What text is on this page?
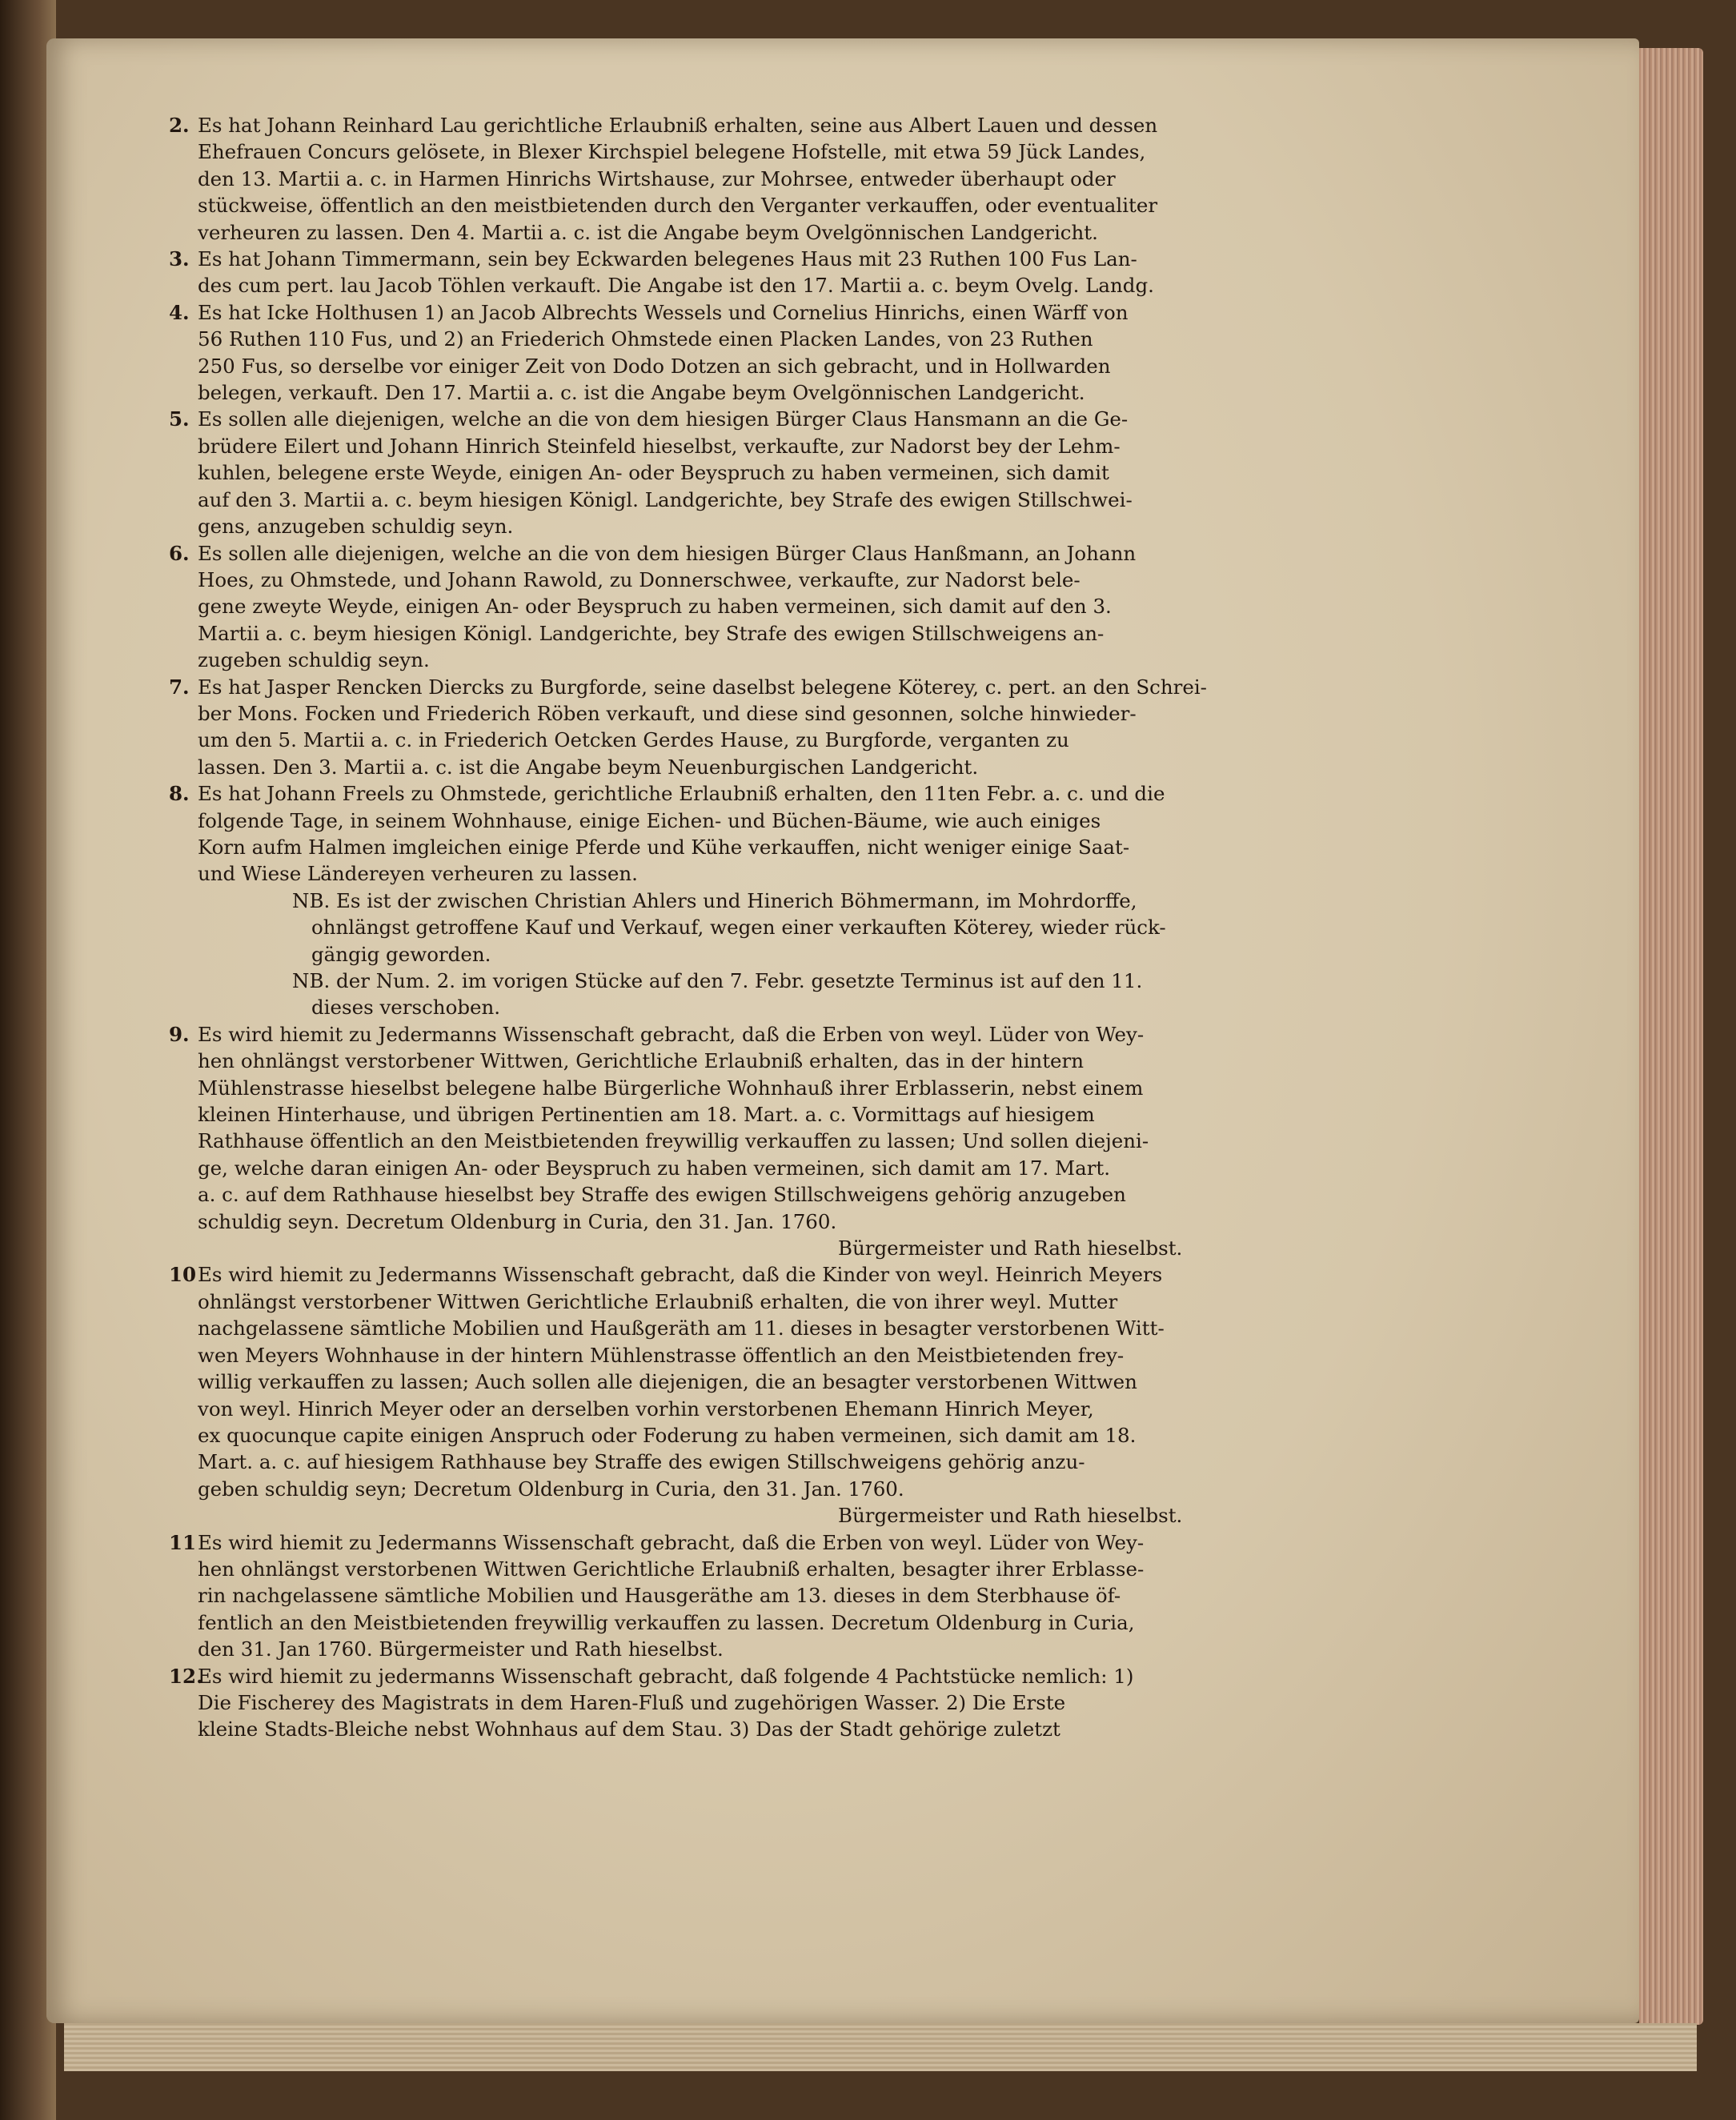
2. Es hat Johann Reinhard Lau gerichtliche Erlaubniß erhalten, seine aus Albert Lauen und dessen
Ehefrauen Concurs gelösete, in Blexer Kirchspiel belegene Hofstelle, mit etwa 59 Jück Landes,
den 13. Martii a. c. in Harmen Hinrichs Wirtshause, zur Mohrsee, entweder überhaupt oder
stückweise, öffentlich an den meistbietenden durch den Verganter verkauffen, oder eventualiter
verheuren zu lassen. Den 4. Martii a. c. ist die Angabe beym Ovelgönnischen Landgericht.
3. Es hat Johann Timmermann, sein bey Eckwarden belegenes Haus mit 23 Ruthen 100 Fus Lan-
des cum pert. lau Jacob Töhlen verkauft. Die Angabe ist den 17. Martii a. c. beym Ovelg. Landg.
4. Es hat Icke Holthusen 1) an Jacob Albrechts Wessels und Cornelius Hinrichs, einen Wärff von
56 Ruthen 110 Fus, und 2) an Friederich Ohmstede einen Placken Landes, von 23 Ruthen
250 Fus, so derselbe vor einiger Zeit von Dodo Dotzen an sich gebracht, und in Hollwarden
belegen, verkauft. Den 17. Martii a. c. ist die Angabe beym Ovelgönnischen Landgericht.
5. Es sollen alle diejenigen, welche an die von dem hiesigen Bürger Claus Hansmann an die Ge-
brüdere Eilert und Johann Hinrich Steinfeld hieselbst, verkaufte, zur Nadorst bey der Lehm-
kuhlen, belegene erste Weyde, einigen An- oder Beyspruch zu haben vermeinen, sich damit
auf den 3. Martii a. c. beym hiesigen Königl. Landgerichte, bey Strafe des ewigen Stillschwei-
gens, anzugeben schuldig seyn.
6. Es sollen alle diejenigen, welche an die von dem hiesigen Bürger Claus Hanßmann, an Johann
Hoes, zu Ohmstede, und Johann Rawold, zu Donnerschwee, verkaufte, zur Nadorst bele-
gene zweyte Weyde, einigen An- oder Beyspruch zu haben vermeinen, sich damit auf den 3.
Martii a. c. beym hiesigen Königl. Landgerichte, bey Strafe des ewigen Stillschweigens an-
zugeben schuldig seyn.
7. Es hat Jasper Rencken Diercks zu Burgforde, seine daselbst belegene Köterey, c. pert. an den Schrei-
ber Mons. Focken und Friederich Röben verkauft, und diese sind gesonnen, solche hinwieder-
um den 5. Martii a. c. in Friederich Oetcken Gerdes Hause, zu Burgforde, verganten zu
lassen. Den 3. Martii a. c. ist die Angabe beym Neuenburgischen Landgericht.
8. Es hat Johann Freels zu Ohmstede, gerichtliche Erlaubniß erhalten, den 11ten Febr. a. c. und die
folgende Tage, in seinem Wohnhause, einige Eichen- und Büchen-Bäume, wie auch einiges
Korn aufm Halmen imgleichen einige Pferde und Kühe verkauffen, nicht weniger einige Saat-
und Wiese Ländereyen verheuren zu lassen.
NB. Es ist der zwischen Christian Ahlers und Hinerich Böhmermann, im Mohrdorffe,
ohnlängst getroffene Kauf und Verkauf, wegen einer verkauften Köterey, wieder rück-
gängig geworden.
NB. der Num. 2. im vorigen Stücke auf den 7. Febr. gesetzte Terminus ist auf den 11.
dieses verschoben.
9. Es wird hiemit zu Jedermanns Wissenschaft gebracht, daß die Erben von weyl. Lüder von Wey-
hen ohnlängst verstorbener Wittwen, Gerichtliche Erlaubniß erhalten, das in der hintern
Mühlenstrasse hieselbst belegene halbe Bürgerliche Wohnhauß ihrer Erblasserin, nebst einem
kleinen Hinterhause, und übrigen Pertinentien am 18. Mart. a. c. Vormittags auf hiesigem
Rathhause öffentlich an den Meistbietenden freywillig verkauffen zu lassen; Und sollen diejeni-
ge, welche daran einigen An- oder Beyspruch zu haben vermeinen, sich damit am 17. Mart.
a. c. auf dem Rathhause hieselbst bey Straffe des ewigen Stillschweigens gehörig anzugeben
schuldig seyn. Decretum Oldenburg in Curia, den 31. Jan. 1760.
Bürgermeister und Rath hieselbst.
10 Es wird hiemit zu Jedermanns Wissenschaft gebracht, daß die Kinder von weyl. Heinrich Meyers
ohnlängst verstorbener Wittwen Gerichtliche Erlaubniß erhalten, die von ihrer weyl. Mutter
nachgelassene sämtliche Mobilien und Haußgeräth am 11. dieses in besagter verstorbenen Witt-
wen Meyers Wohnhause in der hintern Mühlenstrasse öffentlich an den Meistbietenden frey-
willig verkauffen zu lassen; Auch sollen alle diejenigen, die an besagter verstorbenen Wittwen
von weyl. Hinrich Meyer oder an derselben vorhin verstorbenen Ehemann Hinrich Meyer,
ex quocunque capite einigen Anspruch oder Foderung zu haben vermeinen, sich damit am 18.
Mart. a. c. auf hiesigem Rathhause bey Straffe des ewigen Stillschweigens gehörig anzu-
geben schuldig seyn; Decretum Oldenburg in Curia, den 31. Jan. 1760.
Bürgermeister und Rath hieselbst.
11 Es wird hiemit zu Jedermanns Wissenschaft gebracht, daß die Erben von weyl. Lüder von Wey-
hen ohnlängst verstorbenen Wittwen Gerichtliche Erlaubniß erhalten, besagter ihrer Erblasse-
rin nachgelassene sämtliche Mobilien und Hausgeräthe am 13. dieses in dem Sterbhause öf-
fentlich an den Meistbietenden freywillig verkauffen zu lassen. Decretum Oldenburg in Curia,
den 31. Jan 1760. Bürgermeister und Rath hieselbst.
12.
Es wird hiemit zu jedermanns Wissenschaft gebracht, daß folgende 4 Pachtstücke nemlich: 1)
Die Fischerey des Magistrats in dem Haren-Fluß und zugehörigen Wasser. 2) Die Erste
kleine Stadts-Bleiche nebst Wohnhaus auf dem Stau. 3) Das der Stadt gehörige zuletzt
